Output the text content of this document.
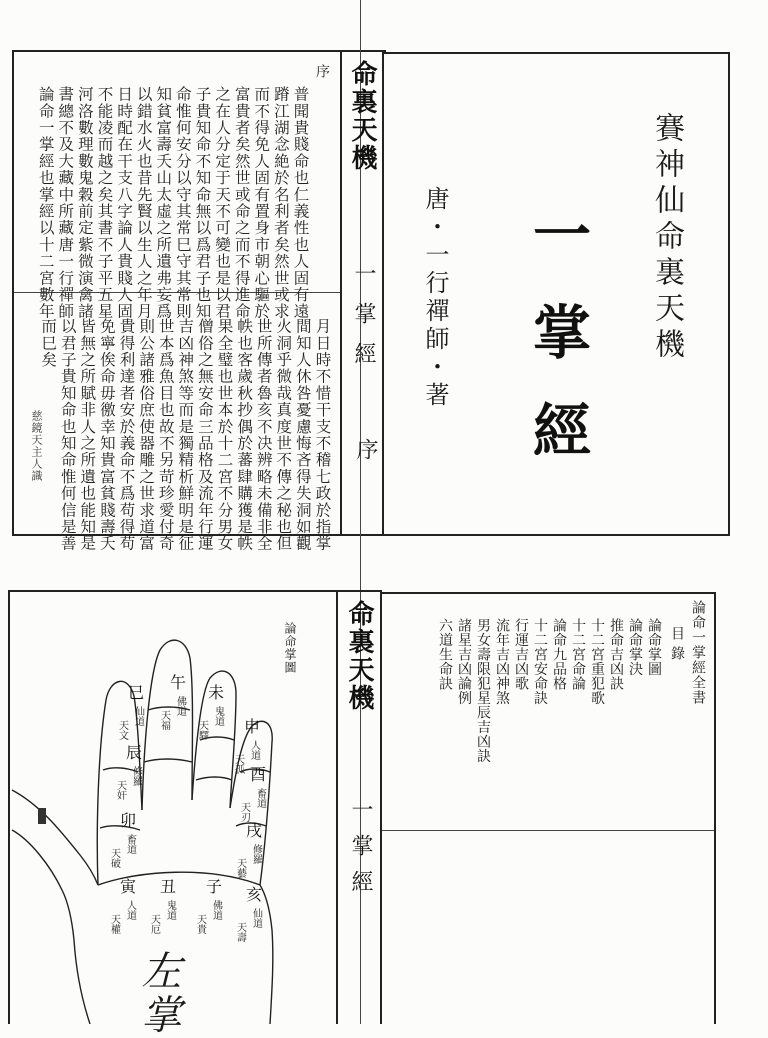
普聞貴賤命也仁義性也人固有遠
蹐江湖念絶於名利者矣然世或求
而不得免人固有置身市朝心驅於
富貴者矣然世或命之而不得進命
之在人分定于天不可變也是以君
子貴知命不知命無以爲君子也知
命惟何安分以守其常巳守其常則
知貧富壽夭山太虛之所遺弗妄爲
以錯水火也昔先賢以生人之年月
日時配在干支八字論人貴賤人固
不能凌而越之矣其書不子平五星
河洛數理數鬼穀前定紫微演禽諸
書總不及大藏中所藏唐一行禪師
論命一掌經也掌經以十二宮數年
月日時不惜干支不稽七政於指掌
間知人休咎憂慮悔吝得失洞如觀
火洞乎微哉真度世不傳之秘也但
世所傳者魯亥不决辨略未備非全
帙也客歲秋抄偶於蕃肆購獲是帙
果全璧也世本於十二宮不分男女
僧俗之無安命三品格及流年行運
吉凶神煞等而是獨精析鮮明是征
世本爲魚目也故不另苛珍愛付奇
則公諸雅俗庶使器雕之世求道富
貴得利達者安於義命不爲苟得苟
免寧俟命毋徼幸知貴富貧賤壽夭
皆無之所賦非人之所遺也能知是
以君子貴知命也知命惟何信是善
而巳矣
序
慈鏡天主人識
命裏天機
一掌經
序
賽神仙命裏天機
一掌經
唐・一行禪師・著
命裏天機
一掌經
論命一掌經全書
目錄
論命掌圖
論命掌決
推命吉凶訣
十二宮重犯歌
十二宮命論
論命九品格
十二宮安命訣
行運吉凶歌
流年吉凶神煞
男女壽限犯星辰吉凶訣
諸星吉凶論例
六道生命訣
論命掌圖
午
天福
佛道
未
天驛
鬼道
巳
天文
仙道
申
天孤
人道
辰
天奸
修羅	酉
天刃
畜道
卯
天破
畜道
戌
天藝
修羅
寅
天權
人道
丑
天厄
鬼道
子
天貴
佛道
亥
天壽
仙道
左掌
